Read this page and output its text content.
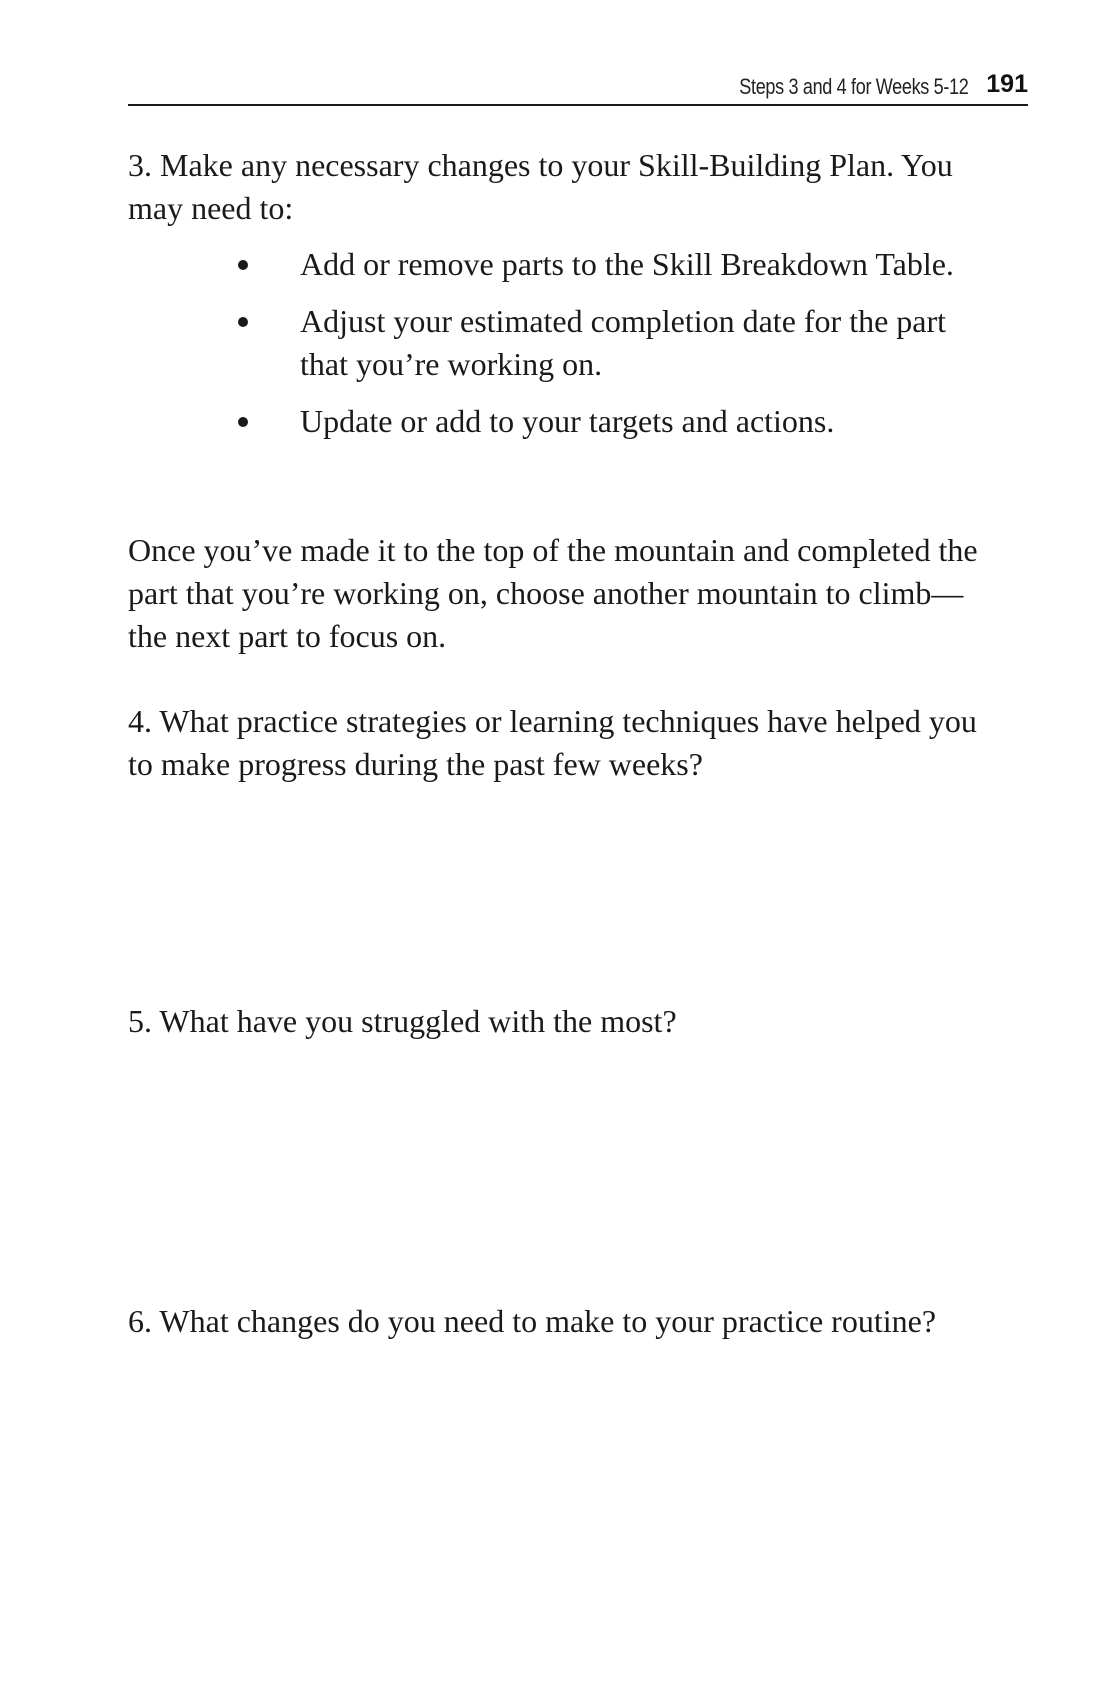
Steps 3 and 4 for Weeks 5-12 191

3. Make any necessary changes to your Skill-Building Plan. You may need to:

Add or remove parts to the Skill Breakdown Table.
Adjust your estimated completion date for the part that you’re working on.
Update or add to your targets and actions.

Once you’ve made it to the top of the mountain and completed the part that you’re working on, choose another mountain to climb—the next part to focus on.

4. What practice strategies or learning techniques have helped you to make progress during the past few weeks?

5. What have you struggled with the most?

6. What changes do you need to make to your practice routine?
